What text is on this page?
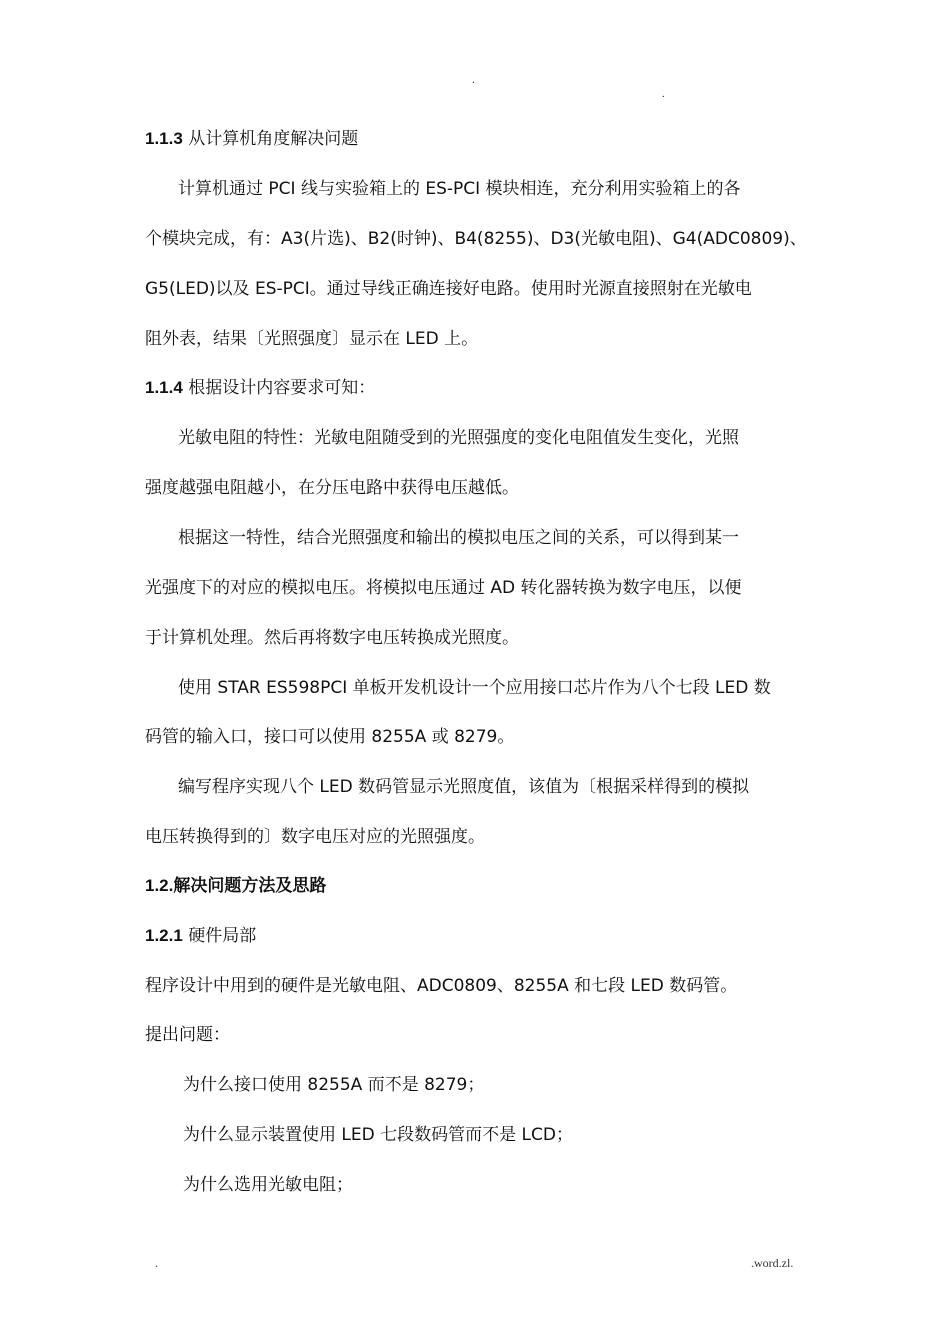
.
.
1.1.3 从计算机角度解决问题
计算机通过 PCI 线与实验箱上的 ES-PCI 模块相连，充分利用实验箱上的各
个模块完成，有：A3(片选)、B2(时钟)、B4(8255)、D3(光敏电阻)、G4(ADC0809)、
G5(LED)以及 ES-PCI。通过导线正确连接好电路。使用时光源直接照射在光敏电
阻外表，结果〔光照强度〕显示在 LED 上。
1.1.4 根据设计内容要求可知：
光敏电阻的特性：光敏电阻随受到的光照强度的变化电阻值发生变化，光照
强度越强电阻越小，在分压电路中获得电压越低。
根据这一特性，结合光照强度和输出的模拟电压之间的关系，可以得到某一
光强度下的对应的模拟电压。将模拟电压通过 AD 转化器转换为数字电压，以便
于计算机处理。然后再将数字电压转换成光照度。
使用 STAR ES598PCI 单板开发机设计一个应用接口芯片作为八个七段 LED 数
码管的输入口，接口可以使用 8255A 或 8279。
编写程序实现八个 LED 数码管显示光照度值，该值为〔根据采样得到的模拟
电压转换得到的〕数字电压对应的光照强度。
1.2.解决问题方法及思路
1.2.1 硬件局部
程序设计中用到的硬件是光敏电阻、ADC0809、8255A 和七段 LED 数码管。
提出问题：
为什么接口使用 8255A 而不是 8279；
为什么显示装置使用 LED 七段数码管而不是 LCD；
为什么选用光敏电阻；
.	.word.zl.
